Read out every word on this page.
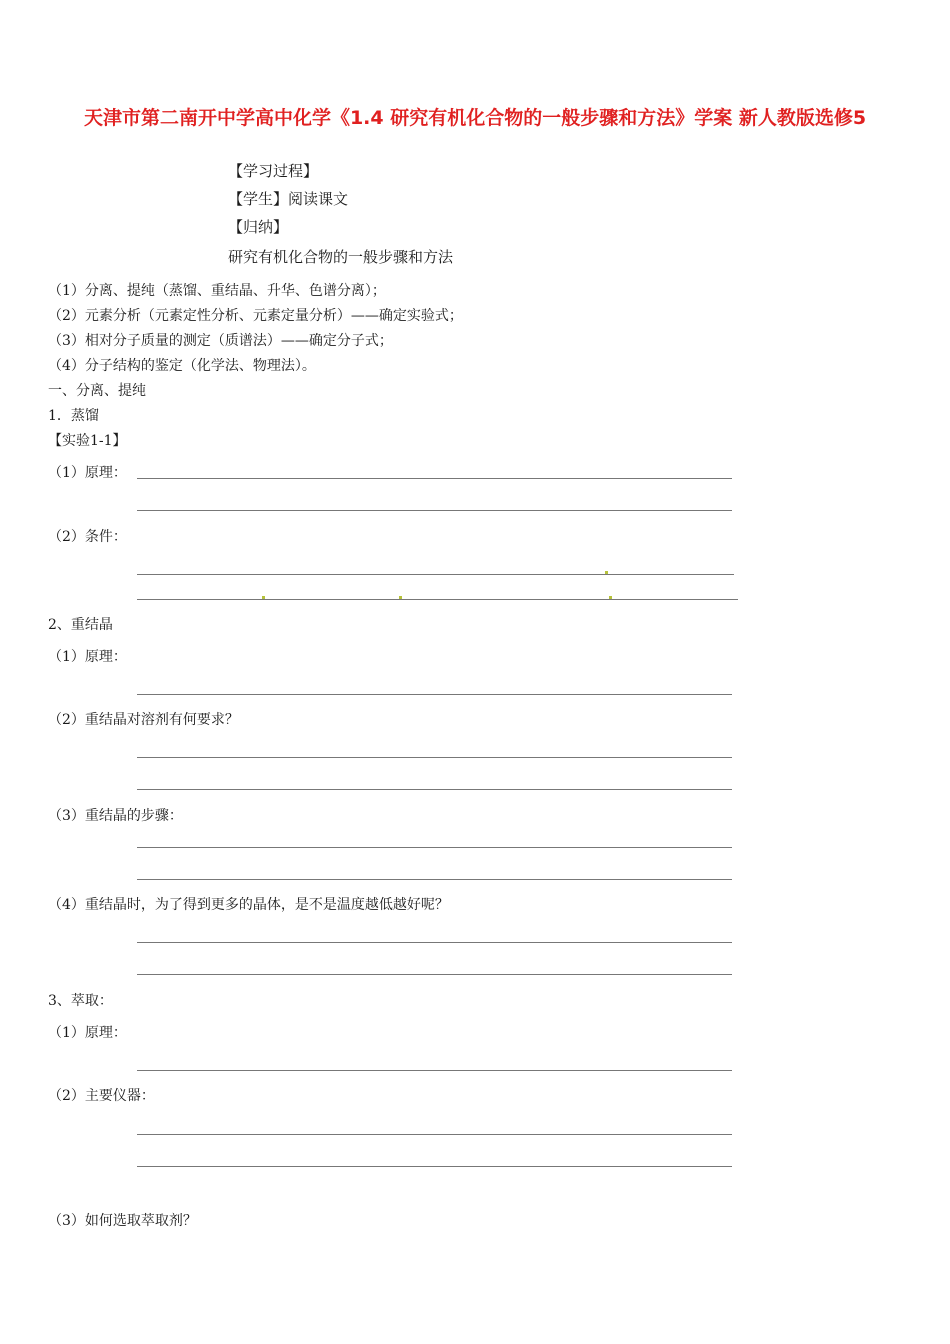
天津市第二南开中学高中化学《1.4 研究有机化合物的一般步骤和方法》学案 新人教版选修5
【学习过程】
【学生】阅读课文
【归纳】
研究有机化合物的一般步骤和方法
（1）分离、提纯（蒸馏、重结晶、升华、色谱分离）；
（2）元素分析（元素定性分析、元素定量分析）——确定实验式；
（3）相对分子质量的测定（质谱法）——确定分子式；
（4）分子结构的鉴定（化学法、物理法）。
一、分离、提纯
1．蒸馏
【实验1-1】
（1）原理：
（2）条件：
2、重结晶
（1）原理：
（2）重结晶对溶剂有何要求？
（3）重结晶的步骤：
（4）重结晶时，为了得到更多的晶体，是不是温度越低越好呢？
3、萃取：
（1）原理：
（2）主要仪器：
（3）如何选取萃取剂？
